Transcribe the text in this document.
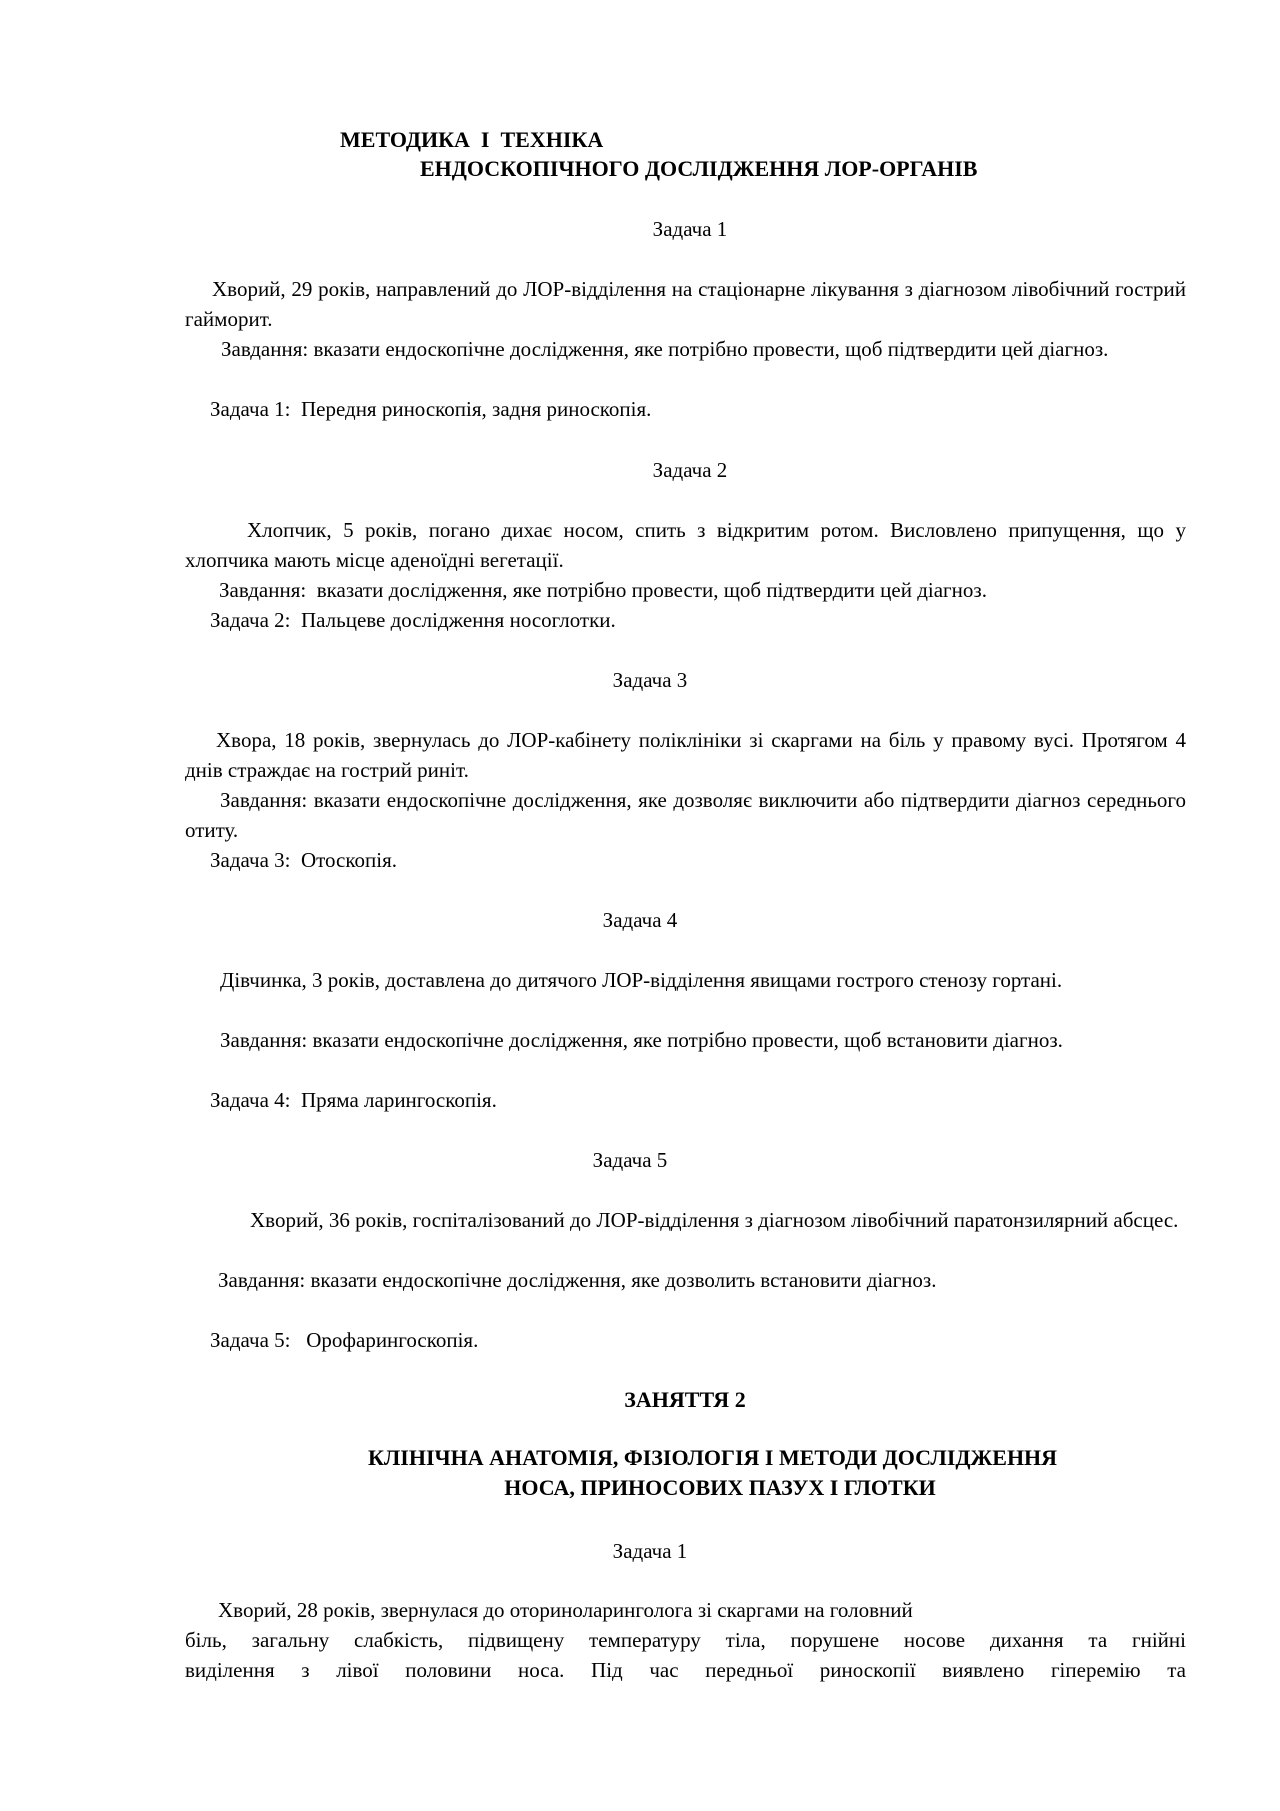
МЕТОДИКА  І  ТЕХНІКА
ЕНДОСКОПІЧНОГО ДОСЛІДЖЕННЯ ЛОР-ОРГАНІВ
Задача 1
Хворий, 29 років, направлений до ЛОР-відділення на стаціонарне лікування з діагнозом лівобічний гострий гайморит.
Завдання: вказати ендоскопічне дослідження, яке потрібно провести, щоб підтвердити цей діагноз.
Задача 1:  Передня риноскопія, задня риноскопія.
Задача 2
Хлопчик, 5 років, погано дихає носом, спить з відкритим ротом. Висловлено припущення, що у хлопчика мають місце аденоїдні вегетації.
Завдання:  вказати дослідження, яке потрібно провести, щоб підтвердити цей діагноз.
Задача 2:  Пальцеве дослідження носоглотки.
Задача 3
Хвора, 18 років, звернулась до ЛОР-кабінету поліклініки зі скаргами на біль у правому вусі. Протягом 4 днів страждає на гострий риніт.
Завдання: вказати ендоскопічне дослідження, яке дозволяє виключити або підтвердити діагноз середнього отиту.
Задача 3:  Отоскопія.
Задача 4
Дівчинка, 3 років, доставлена до дитячого ЛОР-відділення явищами гострого стенозу гортані.
Завдання: вказати ендоскопічне дослідження, яке потрібно провести, щоб встановити діагноз.
Задача 4:  Пряма ларингоскопія.
Задача 5
Хворий, 36 років, госпіталізований до ЛОР-відділення з діагнозом лівобічний паратонзилярний абсцес.
Завдання: вказати ендоскопічне дослідження, яке дозволить встановити діагноз.
Задача 5:   Орофарингоскопія.
ЗАНЯТТЯ 2
КЛІНІЧНА АНАТОМІЯ, ФІЗІОЛОГІЯ І МЕТОДИ ДОСЛІДЖЕННЯ
НОСА, ПРИНОСОВИХ ПАЗУХ І ГЛОТКИ
Задача 1
Хворий, 28 років, звернулася до оториноларинголога зі скаргами на головний
біль, загальну слабкість, підвищену температуру тіла, порушене носове дихання та гнійні
виділення з лівої половини носа. Під час передньої риноскопії виявлено гіперемію та
